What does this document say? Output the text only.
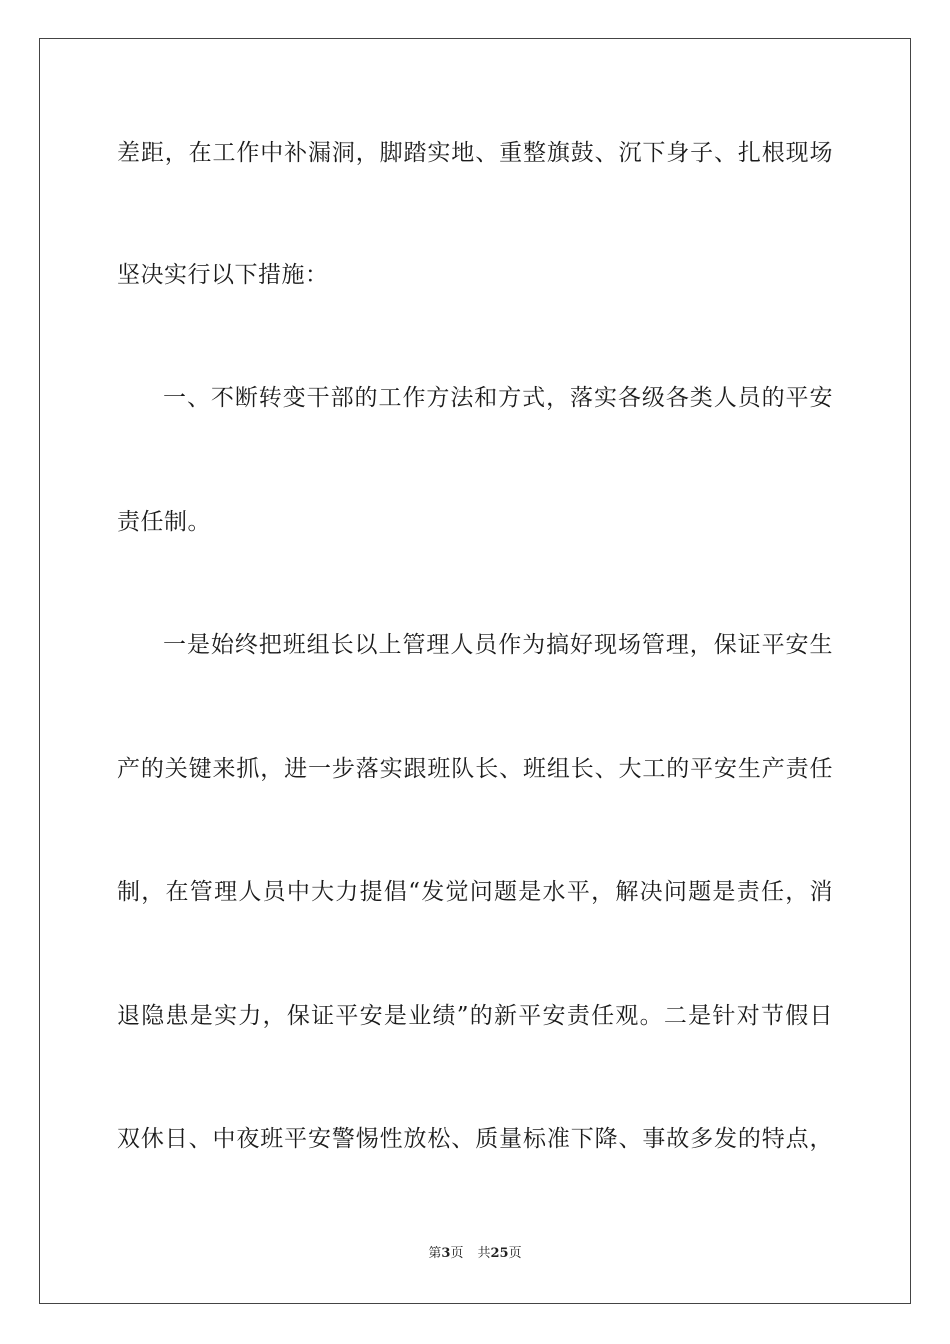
差距，在工作中补漏洞，脚踏实地、重整旗鼓、沉下身子、扎根现场
坚决实行以下措施：
一、不断转变干部的工作方法和方式，落实各级各类人员的平安
责任制。
一是始终把班组长以上管理人员作为搞好现场管理，保证平安生
产的关键来抓，进一步落实跟班队长、班组长、大工的平安生产责任
制，在管理人员中大力提倡“发觉问题是水平，解决问题是责任，消
退隐患是实力，保证平安是业绩”的新平安责任观。二是针对节假日
双休日、中夜班平安警惕性放松、质量标准下降、事故多发的特点，
第3页 共25页
